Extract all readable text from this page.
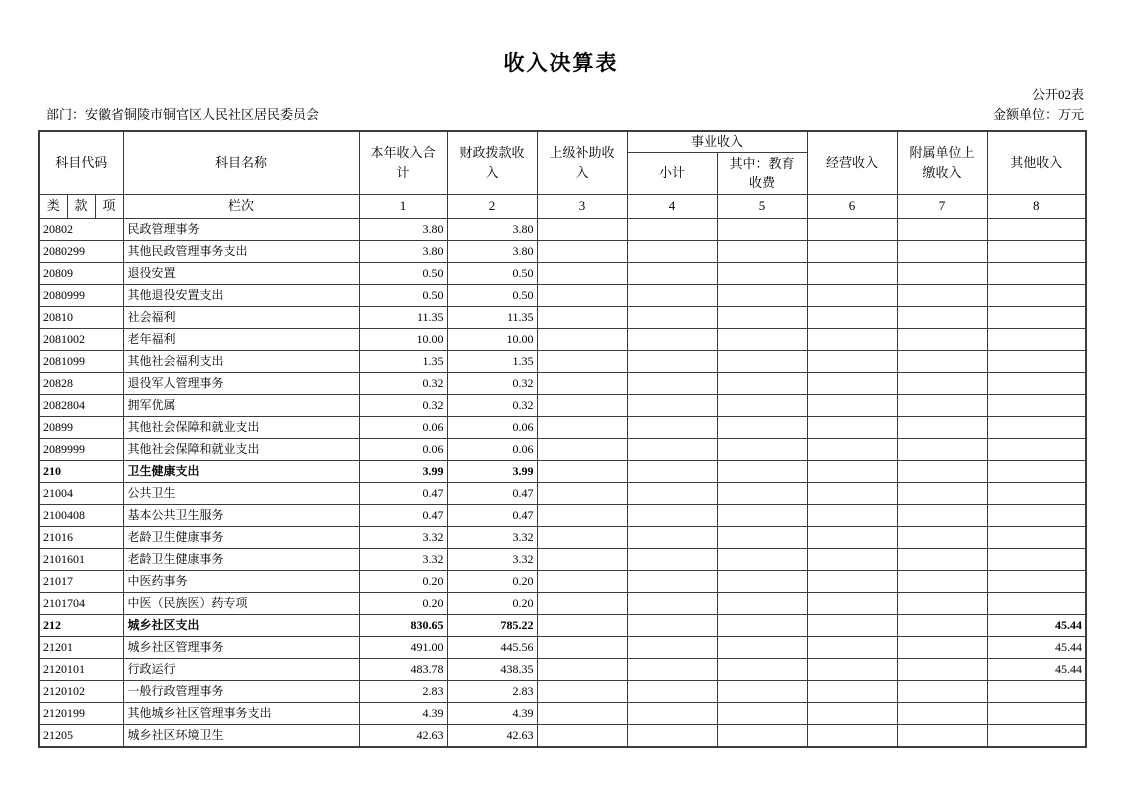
收入决算表
公开02表
部门：安徽省铜陵市铜官区人民社区居民委员会	金额单位：万元
科目代码			科目名称	本年收入合计	财政拨款收入	上级补助收入	事业收入		经营收入	附属单位上缴收入	其他收入
							小计	其中：教育收费			
类	款	项	栏次	1	2	3	4	5	6	7	8
20802			民政管理事务	3.80	3.80						
2080299			其他民政管理事务支出	3.80	3.80						
20809			退役安置	0.50	0.50						
2080999			其他退役安置支出	0.50	0.50						
20810			社会福利	11.35	11.35						
2081002			老年福利	10.00	10.00						
2081099			其他社会福利支出	1.35	1.35						
20828			退役军人管理事务	0.32	0.32						
2082804			拥军优属	0.32	0.32						
20899			其他社会保障和就业支出	0.06	0.06						
2089999			其他社会保障和就业支出	0.06	0.06						
210			卫生健康支出	3.99	3.99						
21004			公共卫生	0.47	0.47						
2100408			基本公共卫生服务	0.47	0.47						
21016			老龄卫生健康事务	3.32	3.32						
2101601			老龄卫生健康事务	3.32	3.32						
21017			中医药事务	0.20	0.20						
2101704			中医（民族医）药专项	0.20	0.20						
212			城乡社区支出	830.65	785.22						45.44
21201			城乡社区管理事务	491.00	445.56						45.44
2120101			行政运行	483.78	438.35						45.44
2120102			一般行政管理事务	2.83	2.83						
2120199			其他城乡社区管理事务支出	4.39	4.39						
21205			城乡社区环境卫生	42.63	42.63						
